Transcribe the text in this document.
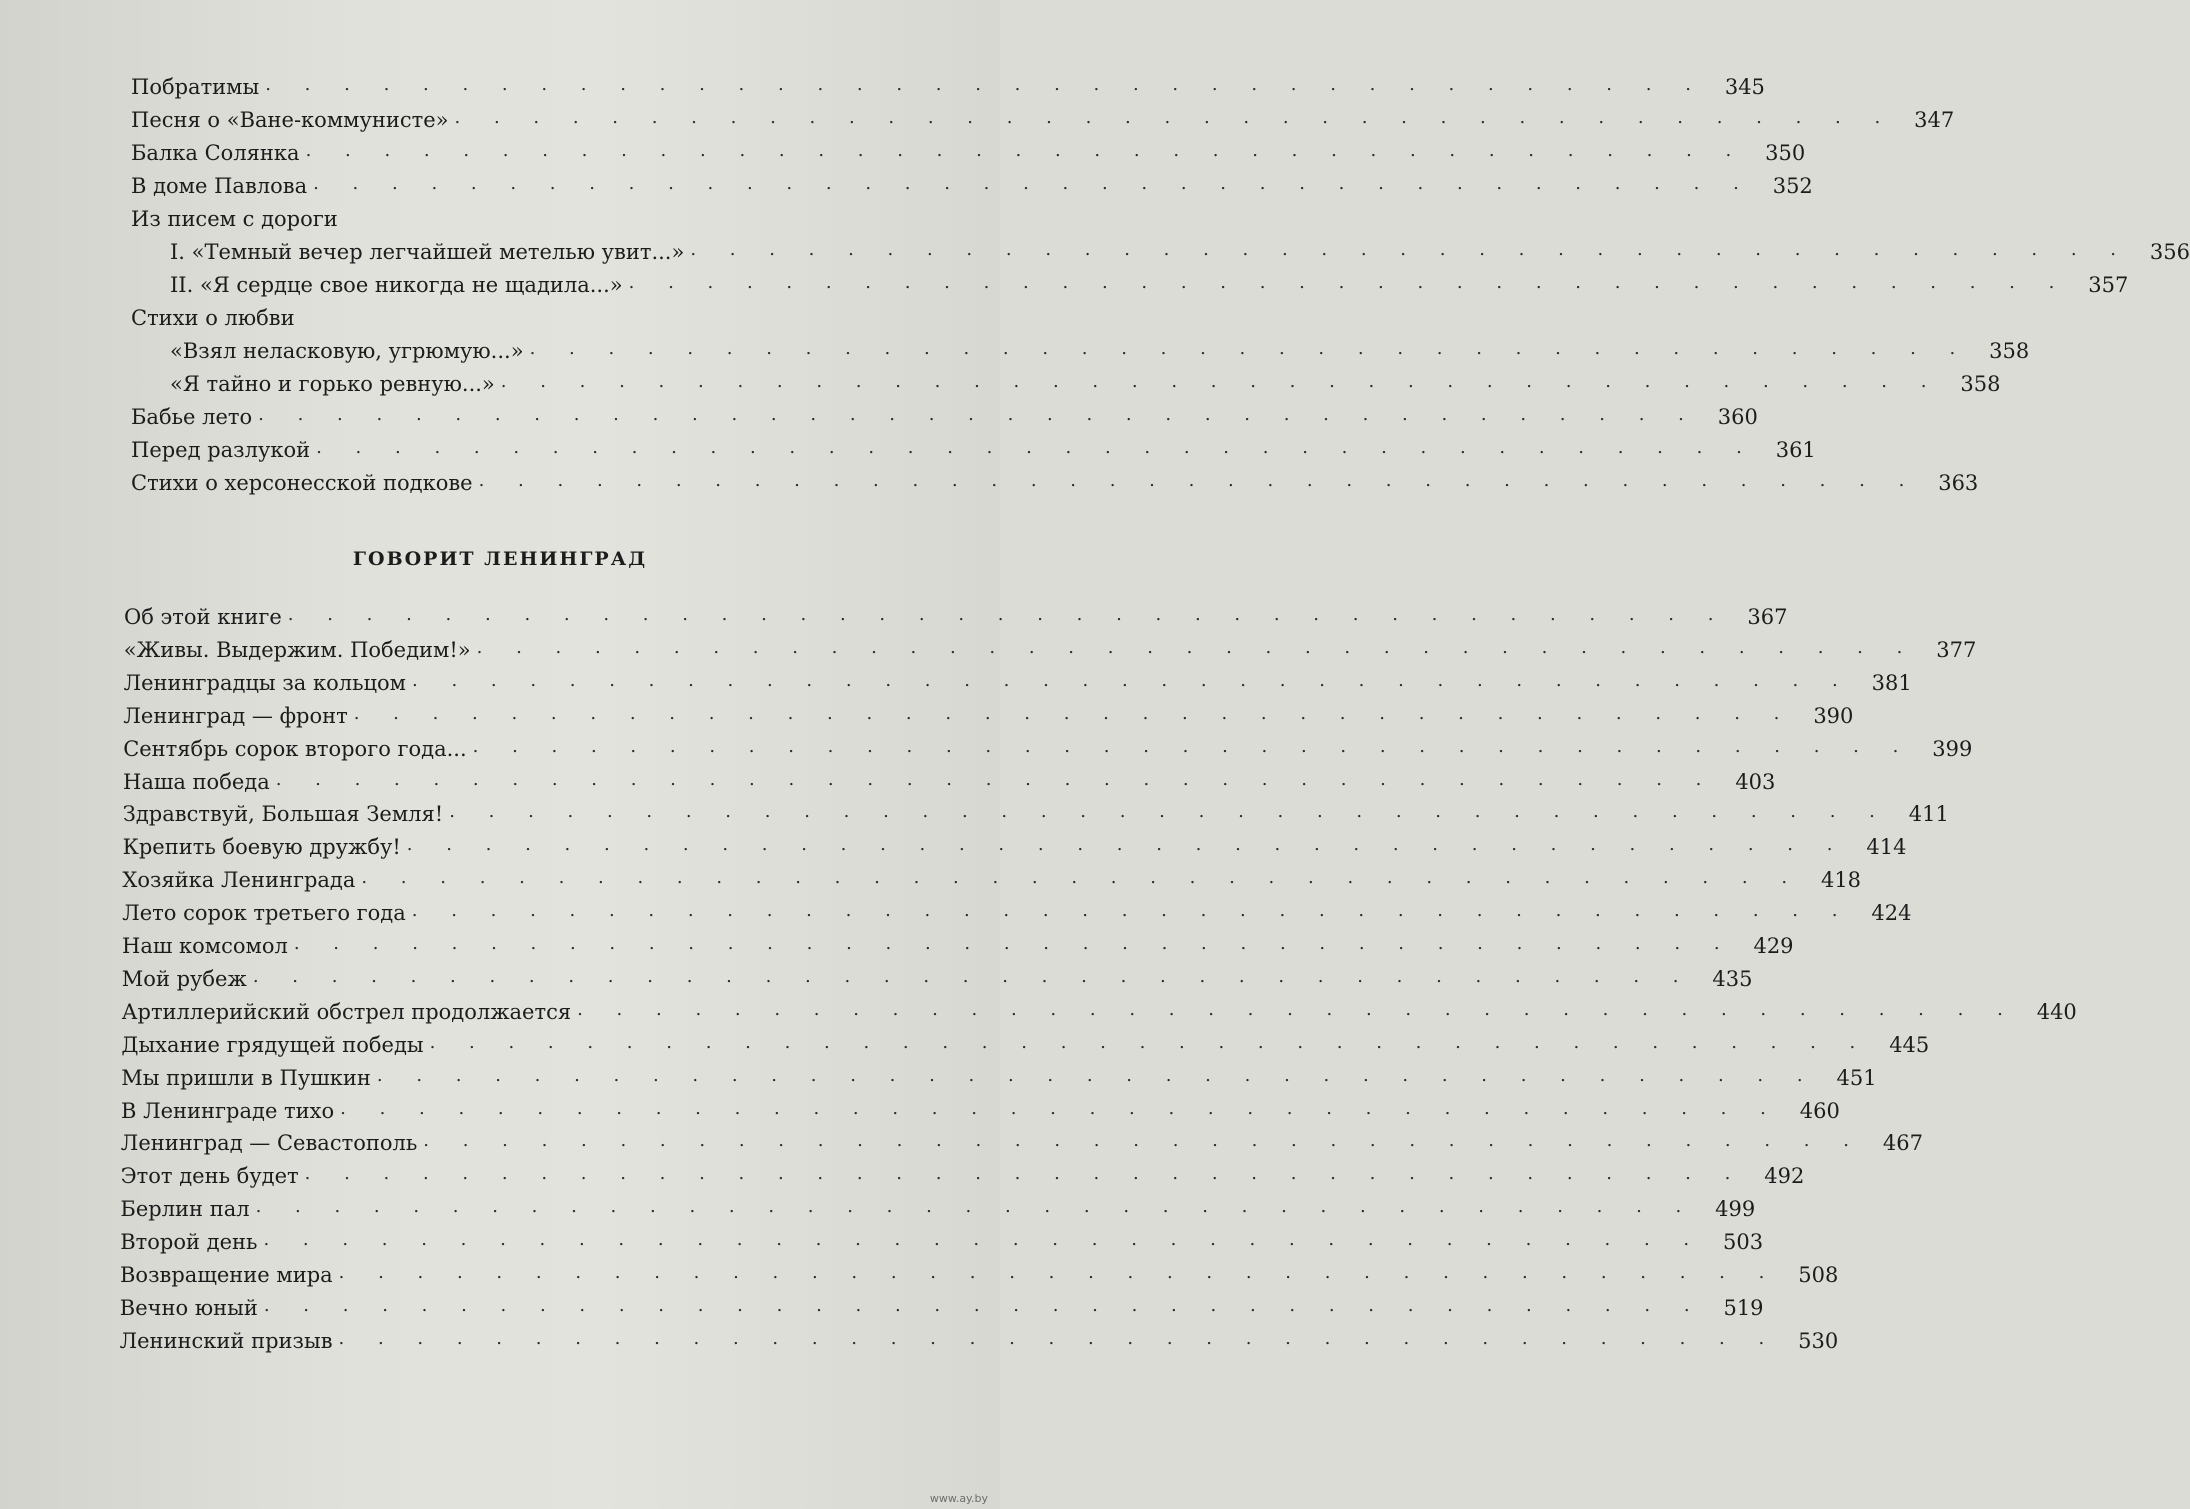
Побратимы . . . . . . . . . . . . . . . . . . . . . . . . . . . . . . . . . . . . . 345
Песня о «Ване-коммунисте» . . . . . . . . . . . . . . . . . . . . . . . . . . . . . . . . . . . . . 347
Балка Солянка . . . . . . . . . . . . . . . . . . . . . . . . . . . . . . . . . . . . . 350
В доме Павлова . . . . . . . . . . . . . . . . . . . . . . . . . . . . . . . . . . . . . 352
Из писем с дороги
I. «Темный вечер легчайшей метелью увит...» . . . . . . . . . . . . . . . . . . . . . . . . . . . . . . . . . . . . . 356
II. «Я сердце свое никогда не щадила...» . . . . . . . . . . . . . . . . . . . . . . . . . . . . . . . . . . . . . 357
Стихи о любви
«Взял неласковую, угрюмую...» . . . . . . . . . . . . . . . . . . . . . . . . . . . . . . . . . . . . . 358
«Я тайно и горько ревную...» . . . . . . . . . . . . . . . . . . . . . . . . . . . . . . . . . . . . . 358
Бабье лето . . . . . . . . . . . . . . . . . . . . . . . . . . . . . . . . . . . . . 360
Перед разлукой . . . . . . . . . . . . . . . . . . . . . . . . . . . . . . . . . . . . . 361
Стихи о херсонесской подкове . . . . . . . . . . . . . . . . . . . . . . . . . . . . . . . . . . . . . 363
ГОВОРИТ ЛЕНИНГРАД
Об этой книге . . . . . . . . . . . . . . . . . . . . . . . . . . . . . . . . . . . . . 367
«Живы. Выдержим. Победим!» . . . . . . . . . . . . . . . . . . . . . . . . . . . . . . . . . . . . . 377
Ленинградцы за кольцом . . . . . . . . . . . . . . . . . . . . . . . . . . . . . . . . . . . . . 381
Ленинград — фронт . . . . . . . . . . . . . . . . . . . . . . . . . . . . . . . . . . . . . 390
Сентябрь сорок второго года... . . . . . . . . . . . . . . . . . . . . . . . . . . . . . . . . . . . . . 399
Наша победа . . . . . . . . . . . . . . . . . . . . . . . . . . . . . . . . . . . . . 403
Здравствуй, Большая Земля! . . . . . . . . . . . . . . . . . . . . . . . . . . . . . . . . . . . . . 411
Крепить боевую дружбу! . . . . . . . . . . . . . . . . . . . . . . . . . . . . . . . . . . . . . 414
Хозяйка Ленинграда . . . . . . . . . . . . . . . . . . . . . . . . . . . . . . . . . . . . . 418
Лето сорок третьего года . . . . . . . . . . . . . . . . . . . . . . . . . . . . . . . . . . . . . 424
Наш комсомол . . . . . . . . . . . . . . . . . . . . . . . . . . . . . . . . . . . . . 429
Мой рубеж . . . . . . . . . . . . . . . . . . . . . . . . . . . . . . . . . . . . . 435
Артиллерийский обстрел продолжается . . . . . . . . . . . . . . . . . . . . . . . . . . . . . . . . . . . . . 440
Дыхание грядущей победы . . . . . . . . . . . . . . . . . . . . . . . . . . . . . . . . . . . . . 445
Мы пришли в Пушкин . . . . . . . . . . . . . . . . . . . . . . . . . . . . . . . . . . . . . 451
В Ленинграде тихо . . . . . . . . . . . . . . . . . . . . . . . . . . . . . . . . . . . . . 460
Ленинград — Севастополь . . . . . . . . . . . . . . . . . . . . . . . . . . . . . . . . . . . . . 467
Этот день будет . . . . . . . . . . . . . . . . . . . . . . . . . . . . . . . . . . . . . 492
Берлин пал . . . . . . . . . . . . . . . . . . . . . . . . . . . . . . . . . . . . . 499
Второй день . . . . . . . . . . . . . . . . . . . . . . . . . . . . . . . . . . . . . 503
Возвращение мира . . . . . . . . . . . . . . . . . . . . . . . . . . . . . . . . . . . . . 508
Вечно юный . . . . . . . . . . . . . . . . . . . . . . . . . . . . . . . . . . . . . 519
Ленинский призыв . . . . . . . . . . . . . . . . . . . . . . . . . . . . . . . . . . . . . 530
www.ay.by
